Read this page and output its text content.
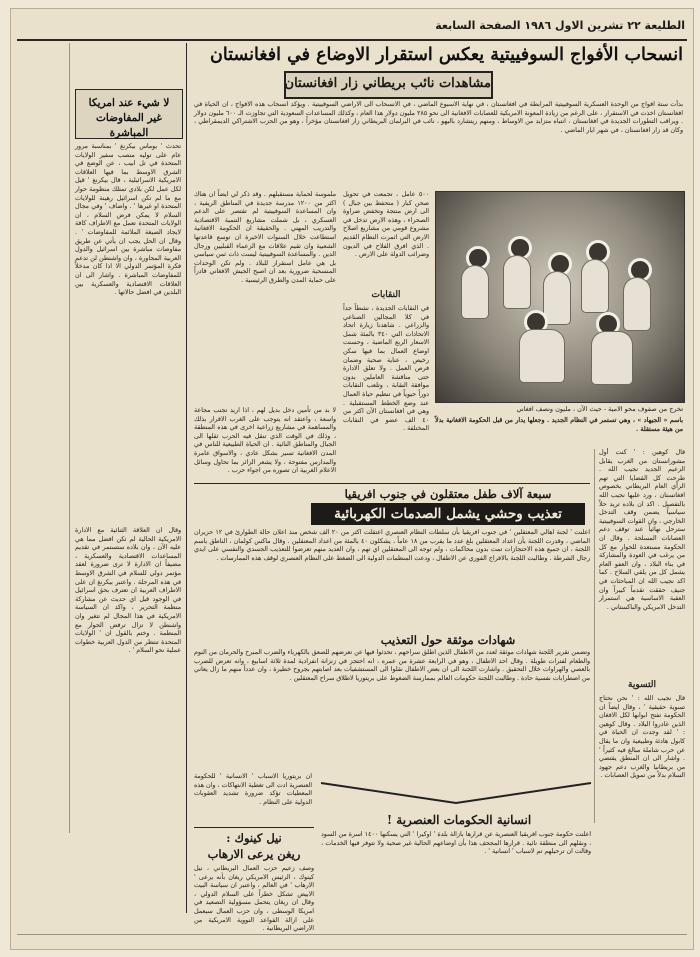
الطليعة ٢٢ تشرين الاول ١٩٨٦ الصفحة السابعة
انسحاب الأفواج السوفييتية يعكس استقرار الاوضاع في افغانستان
مشاهدات نائب بريطاني زار افغانستان
بدأت ستة افواج من الوحدة العسكرية السوفييتية المرابطة في افغانستان ، في نهاية الاسبوع الماضي ، في الانسحاب الى الاراضي السوفييتية . ويؤكد انسحاب هذه الافواج ، ان الحياة في افغانستان اخذت في الاستقرار ، على الرغم من زيادة المعونة الامريكية للعصابات الافغانية الى نحو ٢٨٥ مليون دولار هذا العام ، وكذلك المساعدات السعودية التي تجاوزت الـ ٦٠٠ مليون دولار . ويراقب التطورات الجديدة في افغانستان ، انتباه متزايد من الاوساط ، ومنهم ريتشارد باليهو ، نائب في البرلمان البريطاني زار افغانستان مؤخراً ، وهو من الحزب الاشتراكي الديمقراطي ، وكان قد زار افغانستان ، في شهر ايار الماضي .
تخرج من صفوف محو الامية - حيث الآن ، مليون ونصف افغاني
باسم « الجيهاد » ، وهي تستمر في النظام الجديد . وجعلها يدار من قبل الحكومة الافغانية بدلاً من هيئة مستقلة .
٥٠٠ عامل ، تجمعت في تحويل صحن كبار ( متحفظ بين جبال ) الى ارض منتجة وتخفض ضراوة الصحراء ، وهذه الارض تدخل في مشروع قومي من مشاريع اصلاح الارض التي اثمرت النظام القديم . الذي افرق الفلاح في الديون وضرائب الدولة على الارض .
النقابات
في النقابات الجديدة ، نشطاً جداً في كلا المجالين الصناعي والزراعي . شاهدنا زيارة اتحاد الاتحادات التي ٣٤٠ بالمئة شمل الاسعار الربع الماضية ، وحسنت اوضاع العمال بما فيها سكن رخيص ، عناية صحية وضمان فرص العمل . ولا تعلق الادارة حتى مناقشة العاملين بدون موافقة النقابة ، وتلعب النقابات دوراً حيوياً في تنظيم حياة العمال عند وضع الخطط المستقبلية . وهي في افغانستان الآن اكثر من ٤٠ الف عضو في النقابات المختلفة .
ملموسة لحماية مستقبلهم . وقد ذكر لي ايضاً ان هناك اكثر من ١٢٠٠ مدرسة جديدة في المناطق الريفية ، وان المساعدة السوفييتية لم تقتصر على الدعم العسكري ، بل شملت مشاريع التنمية الاقتصادية والتدريب المهني . والحقيقة ان الحكومة الافغانية استطاعت خلال السنوات الاخيرة ان توسع قاعدتها الشعبية وان تقيم علاقات مع الزعماء القبليين ورجال الدين . والمساعدة السوفييتية ليست ذات ثمن سياسي بل هي عامل استقرار للبلاد . ولم تكن الوحدات المنسحبة ضرورية بعد ان اصبح الجيش الافغاني قادراً على حماية المدن والطرق الرئيسية .
لا بد من تأمين دخل بديل لهم ، اذا اريد تجنب مجاعة واسعة ، واعتقد انه يتوجب على الغرب الاقرار بذلك والمساهمة في مشاريع زراعية اخرى في هذه المنطقة ، وذلك في الوقت الذي تنقل فيه الحرب ثقلها الى الجبال والمناطق النائية . ان الحياة الطبيعية للناس في المدن الافغانية تسير بشكل عادي ، والاسواق عامرة والمدارس مفتوحة ، ولا يشعر الزائر بما تحاول وسائل الاعلام الغربية ان تصوره من اجواء حرب .
قال كوهين : ' كنت أول مشورانستان من الغرب يقابل الزعيم الجديد نجيب الله . طرحت كل القضايا التي تهم الرأي العام البريطاني بخصوص افغانستان ، ورد عليها نجيب الله بالتفصيل . اكد ان بلاده تريد حلاً سياسياً يضمن وقف التدخل الخارجي ، وان القوات السوفييتية سترحل نهائياً عند توقف دعم العصابات المسلحة . وقال ان الحكومة مستعدة للحوار مع كل من يرغب في العودة والمشاركة في بناء البلاد ، وان العفو العام يشمل كل من يلقي السلاح . كما اكد نجيب الله ان المباحثات في جنيف حققت تقدماً كبيراً وان العقبة الاساسية هي استمرار التدخل الامريكي والباكستاني .
التسوية
قال نجيب الله : ' نحن نحتاج تسوية حقيقية ' ، وقال ايضاً ان الحكومة تفتح ابوابها لكل الافغان الذين غادروا البلاد . وقال كوهين : ' لقد وجدت ان الحياة في كابول هادئة وطبيعية وان ما يقال عن حرب شاملة مبالغ فيه كثيراً ' . واشار الى ان المنطق يقتضي من بريطانيا والغرب دعم جهود السلام بدلاً من تمويل العصابات .
سبعة آلاف طفل معتقلون في جنوب افريقيا
تعذيب وحشي يشمل الصدمات الكهربائية
اعلنت ' لجنة اهالي المعتقلين ' في جنوب افريقيا بأن سلطات النظام العنصري اعتقلت اكثر من ٢٠ الف شخص منذ اعلان حالة الطوارئ في ١٢ حزيران الماضي ، وقدرت اللجنة بأن اعداد المعتقلين بلغ عدد ما يقرب من ١٨ عاماً ، يشكلون ٤٠ بالمئة من اعداد المعتقلين . وقال ماكس كولمان ، الناطق باسم اللجنة ، ان جميع هذه الاحتجازات تمت بدون محاكمات ، ولم توجه الى المعتقلين اي تهم ، وان العديد منهم تعرضوا للتعذيب الجسدي والنفسي على ايدي رجال الشرطة . وطالبت اللجنة بالافراج الفوري عن الاطفال ، ودعت المنظمات الدولية الى الضغط على النظام العنصري لوقف هذه الممارسات .
شهادات موثقة حول التعذيب
وتضمن تقرير اللجنة شهادات موثقة لعدد من الاطفال الذين اطلق سراحهم ، تحدثوا فيها عن تعرضهم للصعق بالكهرباء والضرب المبرح والحرمان من النوم والطعام لفترات طويلة . وقال احد الاطفال ، وهو في الرابعة عشرة من عمره ، انه احتجز في زنزانة انفرادية لمدة ثلاثة اسابيع ، وانه تعرض للضرب بالعصي والهراوات خلال التحقيق . واشارت اللجنة الى ان بعض الاطفال نقلوا الى المستشفيات بعد اصابتهم بجروح خطيرة ، وان عدداً منهم ما زال يعاني من اضطرابات نفسية حادة . وطالبت اللجنة حكومات العالم بممارسة الضغوط على بريتوريا لاطلاق سراح المعتقلين .
ان بريتوريا الاسباب ' الانسانية ' للحكومة العنصرية ادت الى تغطية الانتهاكات ، وان هذه المعطيات تؤكد ضرورة تشديد العقوبات الدولية على النظام .
انسانية الحكومات العنصرية !
اعلنت حكومة جنوب افريقيا العنصرية عن قرارها بازالة بلدة ' اوكيرا ' التي يسكنها ١٤٠٠ اسرة من السود ، ونقلهم الى منطقة نائية . قرارها المجحف هذا بأن اوضاعهم الحالية غير صحية ولا تتوفر فيها الخدمات ، وقالت ان ترحيلهم تم لاسباب ' انسانية ' .
نيل كينوك :
ريغن يرعى الارهاب
وصف زعيم حزب العمال البريطاني ، نيل كينوك ، الرئيس الامريكي ريغان بأنه يرعى ' الارهاب ' في العالم ، واعتبر ان سياسة البيت الابيض تشكل خطراً على السلام الدولي ، وقال ان ريغان يتحمل مسؤولية التصعيد في امريكا الوسطى ، وان حزب العمال سيعمل على ازالة القواعد النووية الامريكية من الاراضي البريطانية .
لا شيء عند امريكا غير المفاوضات المباشرة
تحدث ' بوماس بيكرنغ ' بمناسبة مرور عام على توليه منصب سفير الولايات المتحدة في تل ابيب ، عن الوضع في الشرق الاوسط بما فيها العلاقات الامريكية الاسرائيلية ، قال بيكرنغ ' قيل لكل عمل لكن بلادي تمتلك منظومة حوار مع ما لم تكن اسرائيل رهينة للولايات المتحدة او غيرها ' . واضاف ' وفي مجال السلام لا يمكن فرض السلام ، ان الولايات المتحدة تعمل مع الاطراف كافة لايجاد الصيغة الملائمة للمفاوضات ' . وقال ان الحل يجب ان يأتي عن طريق مفاوضات مباشرة بين اسرائيل والدول العربية المجاورة ، وان واشنطن لن تدعم فكرة المؤتمر الدولي الا اذا كان مدخلاً للمفاوضات المباشرة . واشار الى ان العلاقات الاقتصادية والعسكرية بين البلدين في افضل حالاتها .
وقال ان العلاقة الثنائية مع الادارة الامريكية الحالية لم تكن افضل مما هي عليه الآن ، وان بلاده ستستمر في تقديم المساعدات الاقتصادية والعسكرية ، مضيفاً ان الادارة لا ترى ضرورة لعقد مؤتمر دولي للسلام في الشرق الاوسط في هذه المرحلة . واعتبر بيكرنغ ان على الاطراف العربية ان تعترف بحق اسرائيل في الوجود قبل اي حديث عن مشاركة منظمة التحرير ، واكد ان السياسة الامريكية في هذا المجال لم تتغير وان واشنطن لا تزال ترفض الحوار مع المنظمة . وختم بالقول ان ' الولايات المتحدة تنتظر من الدول العربية خطوات عملية نحو السلام ' .
